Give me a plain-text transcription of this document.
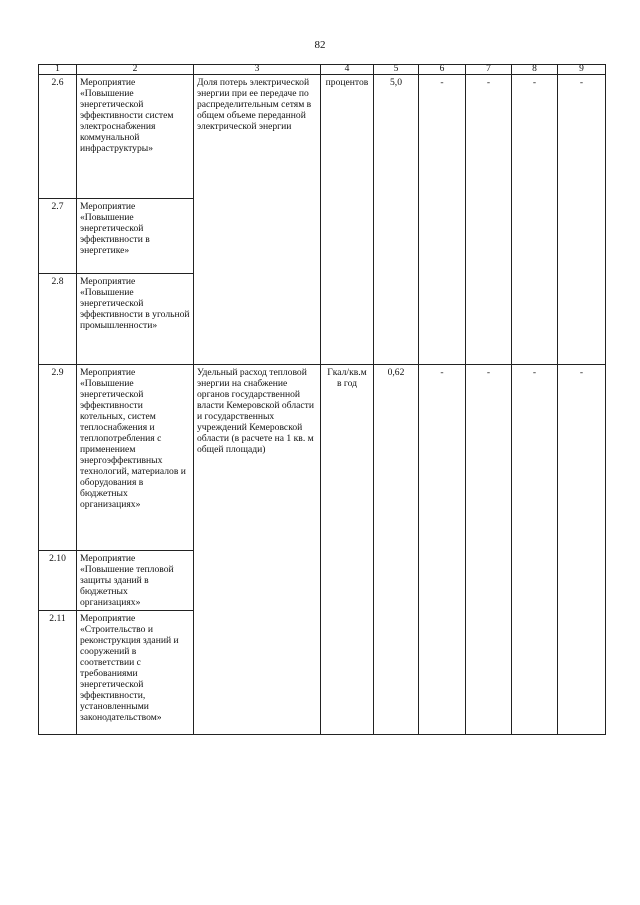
82
1	2	3	4	5	6	7	8	9
2.6	Мероприятие «Повышение энергетической эффективности систем электроснабжения коммунальной инфраструктуры»	Доля потерь электрической энергии при ее передаче по распределительным сетям в общем объеме переданной электрической энергии	процентов	5,0	-	-	-	-
2.7	Мероприятие «Повышение энергетической эффективности в энергетике»							
2.8	Мероприятие «Повышение энергетической эффективности в угольной промышленности»							
2.9	Мероприятие «Повышение энергетической эффективности котельных, систем теплоснабжения и теплопотребления с применением энергоэффективных технологий, материалов и оборудования в бюджетных организациях»	Удельный расход тепловой энергии на снабжение органов государственной власти Кемеровской области и государственных учреждений Кемеровской области (в расчете на 1 кв. м общей площади)	Гкал/кв.м в год	0,62	-	-	-	-
2.10	Мероприятие «Повышение тепловой защиты зданий в бюджетных организациях»							
2.11	Мероприятие «Строительство и реконструкция зданий и сооружений в соответствии с требованиями энергетической эффективности, установленными законодательством»							
